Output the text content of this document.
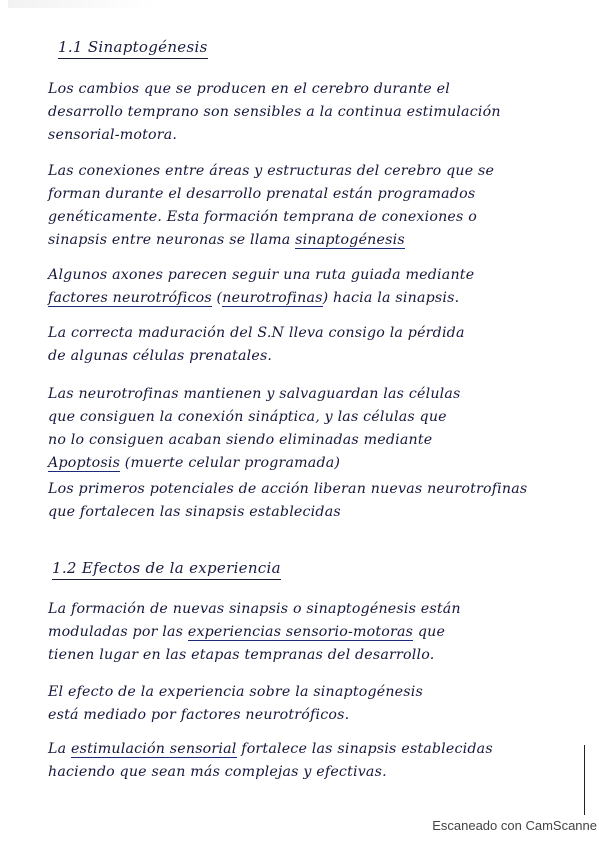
1.1 Sinaptogénesis
Los cambios que se producen en el cerebro durante el
desarrollo temprano son sensibles a la continua estimulación
sensorial-motora.
Las conexiones entre áreas y estructuras del cerebro que se
forman durante el desarrollo prenatal están programados
genéticamente. Esta formación temprana de conexiones o
sinapsis entre neuronas se llama sinaptogénesis
Algunos axones parecen seguir una ruta guiada mediante
factores neurotróficos (neurotrofinas) hacia la sinapsis.
La correcta maduración del S.N lleva consigo la pérdida
de algunas células prenatales.
Las neurotrofinas mantienen y salvaguardan las células
que consiguen la conexión sináptica, y las células que
no lo consiguen acaban siendo eliminadas mediante
Apoptosis (muerte celular programada)
Los primeros potenciales de acción liberan nuevas neurotrofinas
que fortalecen las sinapsis establecidas
1.2 Efectos de la experiencia
La formación de nuevas sinapsis o sinaptogénesis están
moduladas por las experiencias sensorio-motoras que
tienen lugar en las etapas tempranas del desarrollo.
El efecto de la experiencia sobre la sinaptogénesis
está mediado por factores neurotróficos.
La estimulación sensorial fortalece las sinapsis establecidas
haciendo que sean más complejas y efectivas.
Escaneado con CamScanne
